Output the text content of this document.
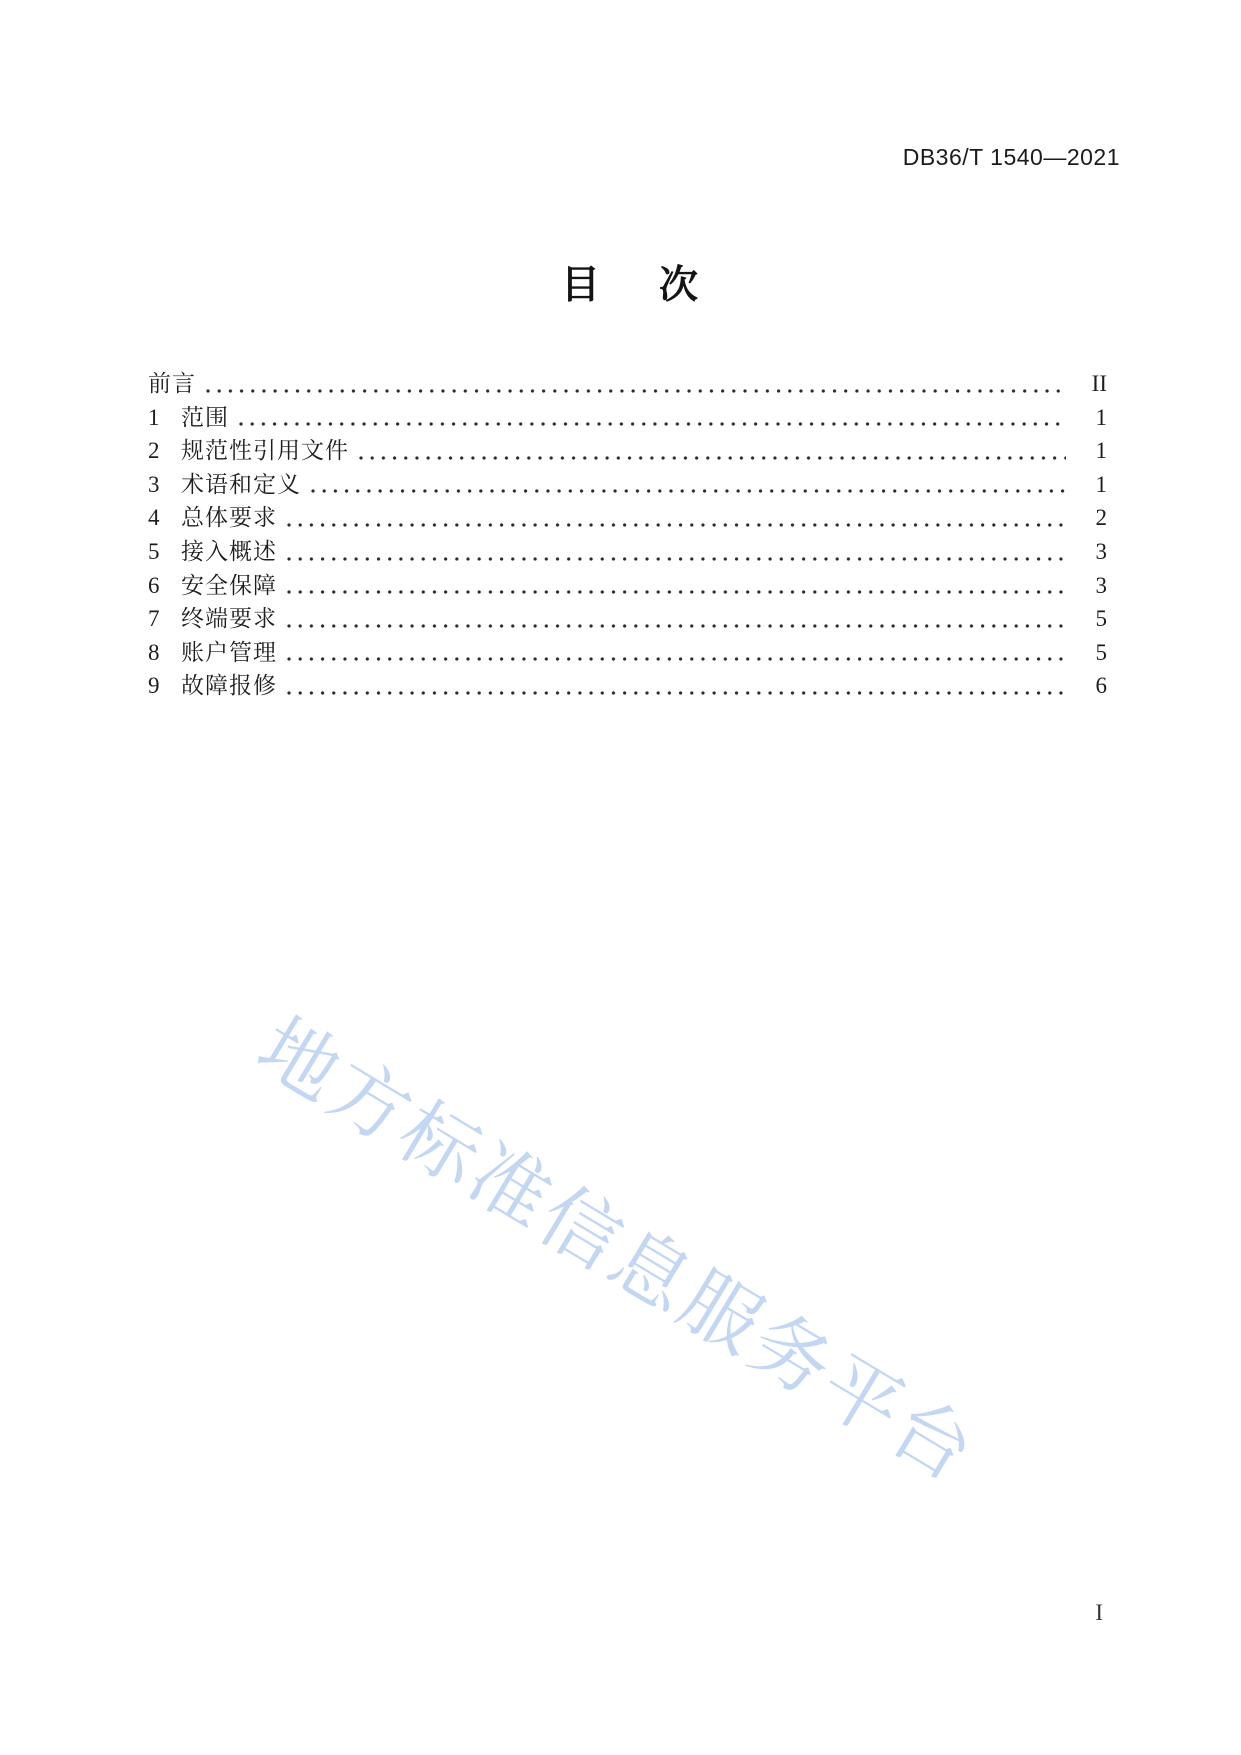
DB36/T 1540—2021
目　次
前言	II
1 范围	1
2 规范性引用文件	1
3 术语和定义	1
4 总体要求	2
5 接入概述	3
6 安全保障	3
7 终端要求	5
8 账户管理	5
9 故障报修	6
地方标准信息服务平台
I
